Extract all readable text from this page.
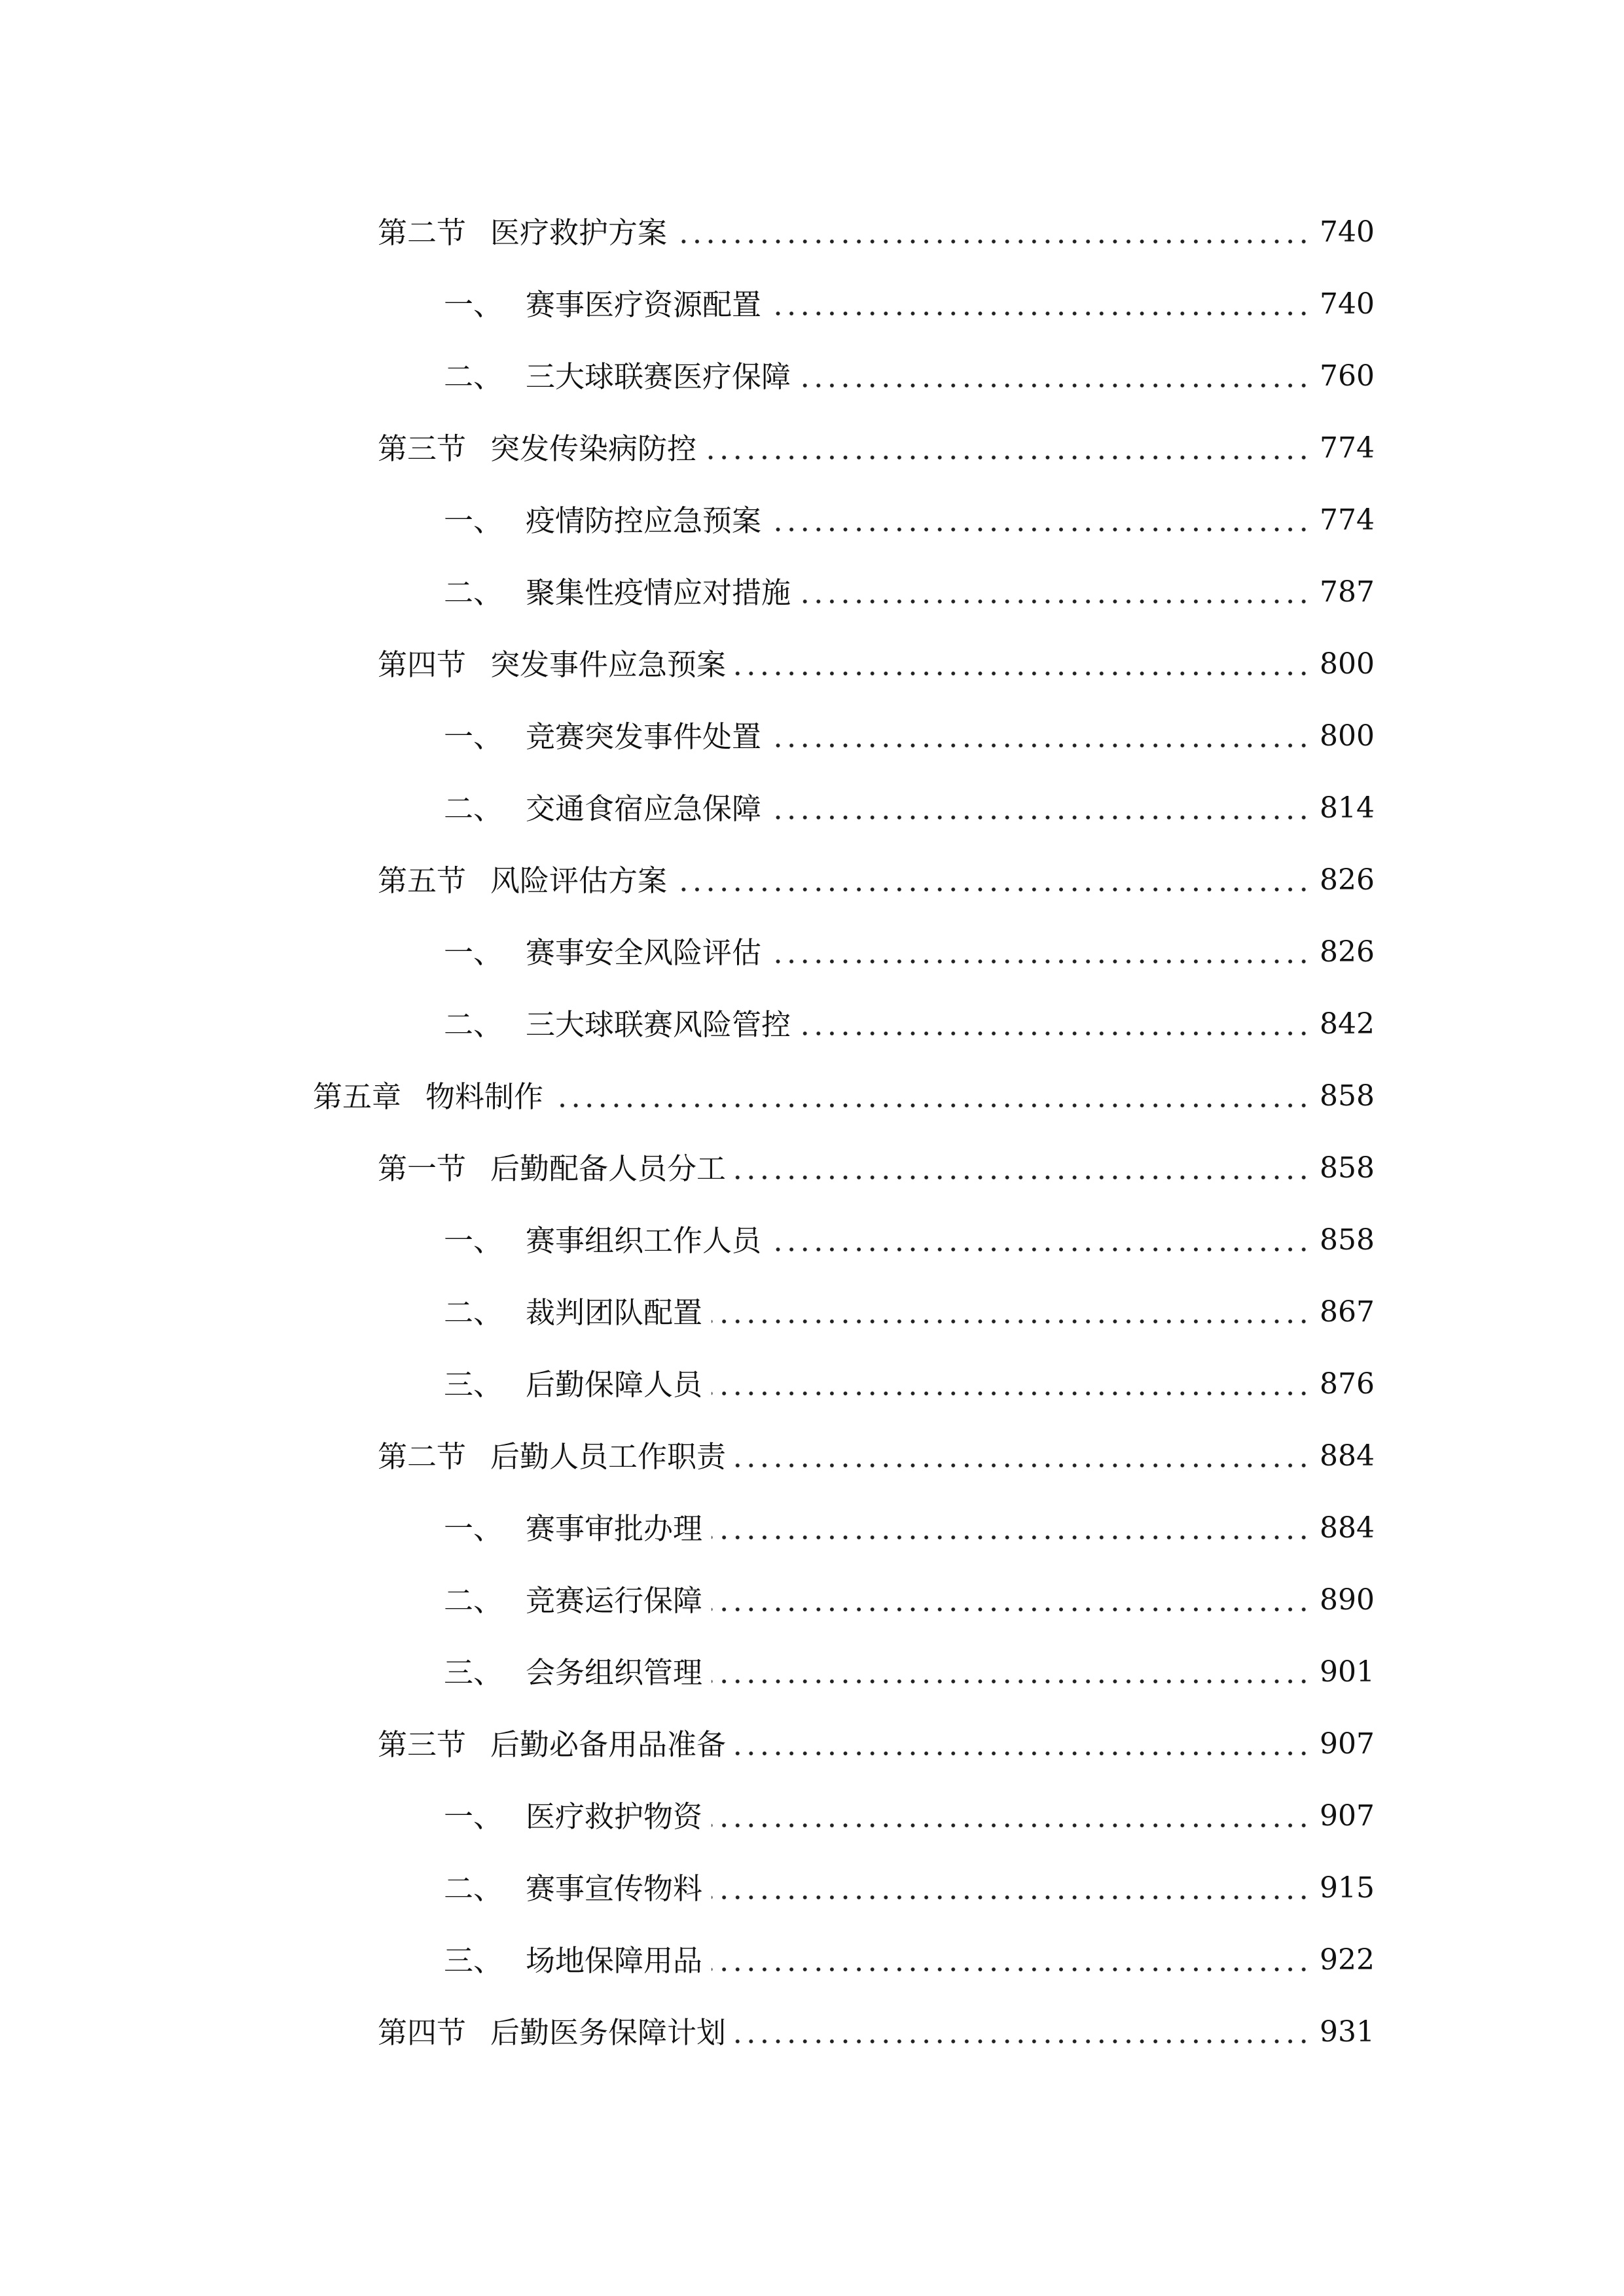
第二节 医疗救护方案	740
一、 赛事医疗资源配置	740
二、 三大球联赛医疗保障	760
第三节 突发传染病防控	774
一、 疫情防控应急预案	774
二、 聚集性疫情应对措施	787
第四节 突发事件应急预案	800
一、 竞赛突发事件处置	800
二、 交通食宿应急保障	814
第五节 风险评估方案	826
一、 赛事安全风险评估	826
二、 三大球联赛风险管控	842
第五章 物料制作	858
第一节 后勤配备人员分工	858
一、 赛事组织工作人员	858
二、 裁判团队配置	867
三、 后勤保障人员	876
第二节 后勤人员工作职责	884
一、 赛事审批办理	884
二、 竞赛运行保障	890
三、 会务组织管理	901
第三节 后勤必备用品准备	907
一、 医疗救护物资	907
二、 赛事宣传物料	915
三、 场地保障用品	922
第四节 后勤医务保障计划	931
